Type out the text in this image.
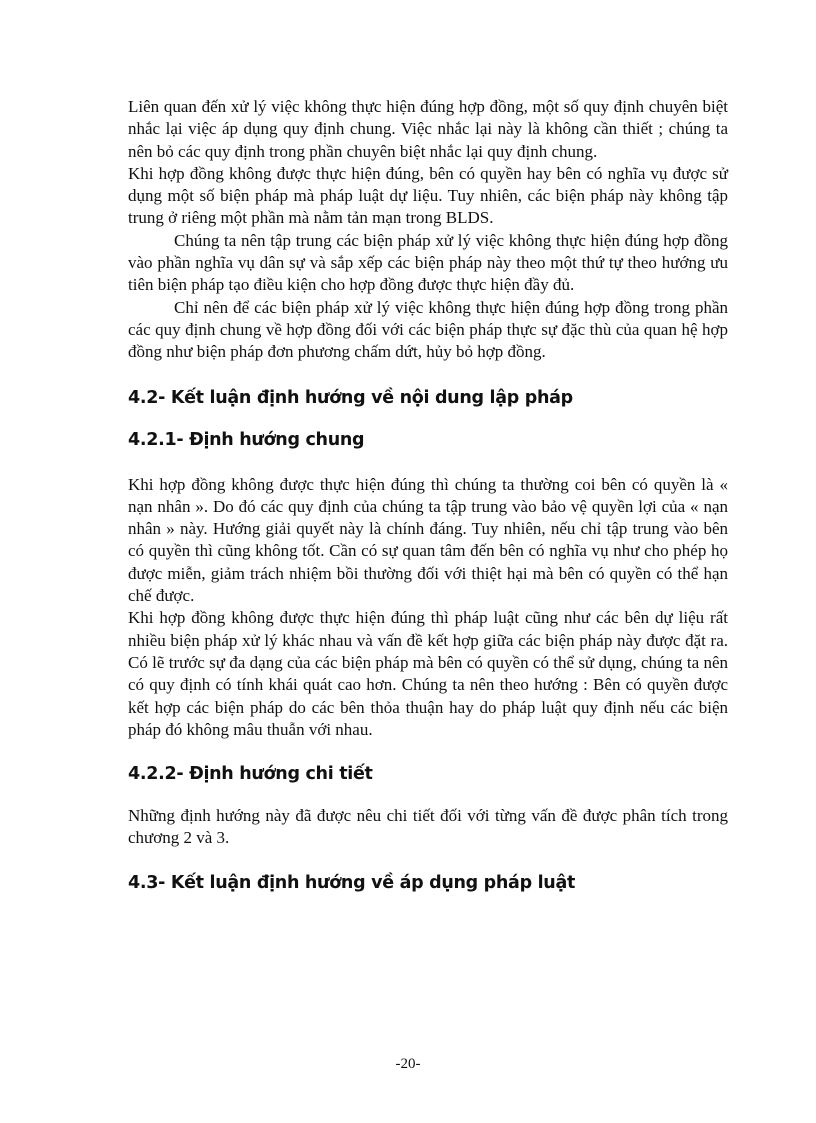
Liên quan đến xử lý việc không thực hiện đúng hợp đồng, một số quy định chuyên biệt nhắc lại việc áp dụng quy định chung. Việc nhắc lại này là không cần thiết ; chúng ta nên bỏ các quy định trong phần chuyên biệt nhắc lại quy định chung.

Khi hợp đồng không được thực hiện đúng, bên có quyền hay bên có nghĩa vụ được sử dụng một số biện pháp mà pháp luật dự liệu. Tuy nhiên, các biện pháp này không tập trung ở riêng một phần mà nằm tản mạn trong BLDS.

Chúng ta nên tập trung các biện pháp xử lý việc không thực hiện đúng hợp đồng vào phần nghĩa vụ dân sự và sắp xếp các biện pháp này theo một thứ tự theo hướng ưu tiên biện pháp tạo điều kiện cho hợp đồng được thực hiện đầy đủ.

Chỉ nên để các biện pháp xử lý việc không thực hiện đúng hợp đồng trong phần các quy định chung về hợp đồng đối với các biện pháp thực sự đặc thù của quan hệ hợp đồng như biện pháp đơn phương chấm dứt, hủy bỏ hợp đồng.

4.2- Kết luận định hướng về nội dung lập pháp
4.2.1- Định hướng chung

Khi hợp đồng không được thực hiện đúng thì chúng ta thường coi bên có quyền là « nạn nhân ». Do đó các quy định của chúng ta tập trung vào bảo vệ quyền lợi của « nạn nhân » này. Hướng giải quyết này là chính đáng. Tuy nhiên, nếu chỉ tập trung vào bên có quyền thì cũng không tốt. Cần có sự quan tâm đến bên có nghĩa vụ như cho phép họ được miễn, giảm trách nhiệm bồi thường đối với thiệt hại mà bên có quyền có thể hạn chế được.

Khi hợp đồng không được thực hiện đúng thì pháp luật cũng như các bên dự liệu rất nhiều biện pháp xử lý khác nhau và vấn đề kết hợp giữa các biện pháp này được đặt ra. Có lẽ trước sự đa dạng của các biện pháp mà bên có quyền có thể sử dụng, chúng ta nên có quy định có tính khái quát cao hơn. Chúng ta nên theo hướng : Bên có quyền được kết hợp các biện pháp do các bên thỏa thuận hay do pháp luật quy định nếu các biện pháp đó không mâu thuẫn với nhau.

4.2.2- Định hướng chi tiết

Những định hướng này đã được nêu chi tiết đối với từng vấn đề được phân tích trong chương 2 và 3.

4.3- Kết luận định hướng về áp dụng pháp luật
-20-
